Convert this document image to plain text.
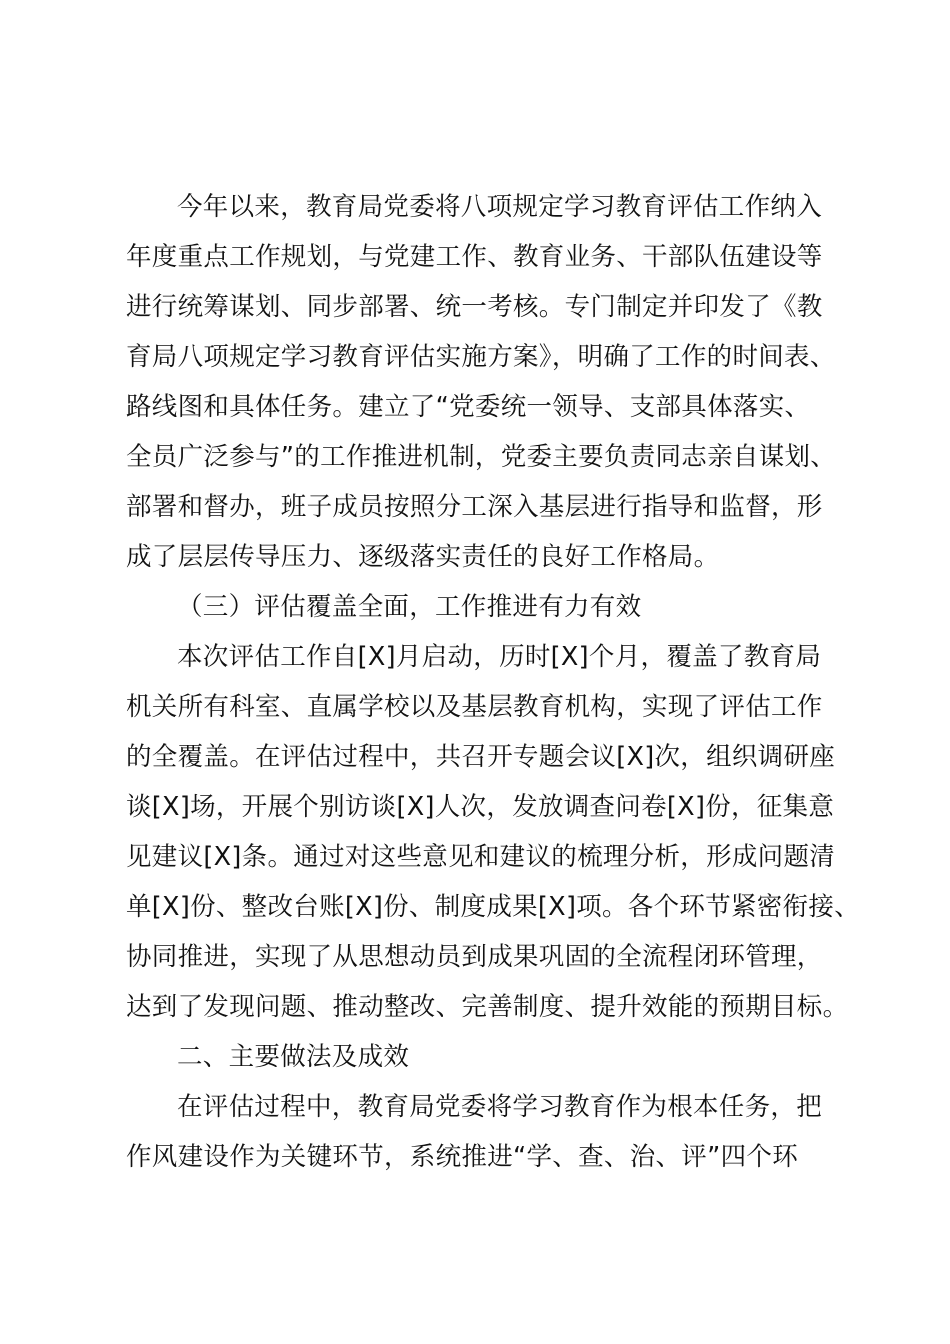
今年以来，教育局党委将八项规定学习教育评估工作纳入
年度重点工作规划，与党建工作、教育业务、干部队伍建设等
进行统筹谋划、同步部署、统一考核。专门制定并印发了《教
育局八项规定学习教育评估实施方案》，明确了工作的时间表、
路线图和具体任务。建立了“党委统一领导、支部具体落实、
全员广泛参与”的工作推进机制，党委主要负责同志亲自谋划、
部署和督办，班子成员按照分工深入基层进行指导和监督，形
成了层层传导压力、逐级落实责任的良好工作格局。
（三）评估覆盖全面，工作推进有力有效
本次评估工作自[X]月启动，历时[X]个月，覆盖了教育局
机关所有科室、直属学校以及基层教育机构，实现了评估工作
的全覆盖。在评估过程中，共召开专题会议[X]次，组织调研座
谈[X]场，开展个别访谈[X]人次，发放调查问卷[X]份，征集意
见建议[X]条。通过对这些意见和建议的梳理分析，形成问题清
单[X]份、整改台账[X]份、制度成果[X]项。各个环节紧密衔接、
协同推进，实现了从思想动员到成果巩固的全流程闭环管理，
达到了发现问题、推动整改、完善制度、提升效能的预期目标。
二、主要做法及成效
在评估过程中，教育局党委将学习教育作为根本任务，把
作风建设作为关键环节，系统推进“学、查、治、评”四个环
